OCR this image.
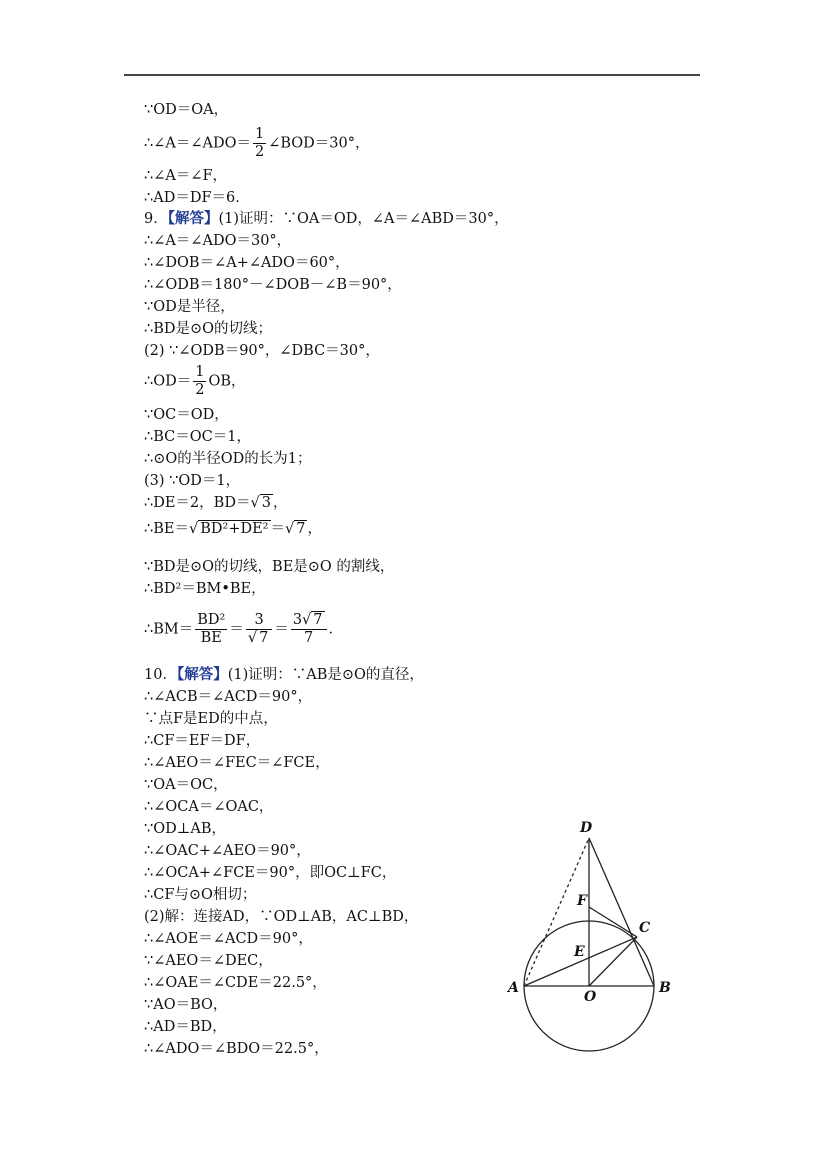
∵OD＝OA，
∴∠A＝∠ADO＝ $\frac{1}{2}$ ∠BOD＝30°，
∴∠A＝∠F，
∴AD＝DF＝6．
9．【解答】(1)证明：∵OA＝OD，∠A＝∠ABD＝30°，
∴∠A＝∠ADO＝30°，
∴∠DOB＝∠A+∠ADO＝60°，
∴∠ODB＝180°－∠DOB－∠B＝90°，
∵OD是半径，
∴BD是⊙O的切线；
(2) ∵∠ODB＝90°，∠DBC＝30°，
∴OD＝ $\frac{1}{2}$ OB，
∵OC＝OD，
∴BC＝OC＝1，
∴⊙O的半径OD的长为1；
(3) ∵OD＝1，
∴DE＝2，BD＝√ 3 ，
∴BE＝√ BD²+DE² ＝√ 7 ，
∵BD是⊙O的切线，BE是⊙O 的割线，
∴BD²＝BM•BE，
∴BM＝ $\frac{\text{BD²}}{BE} = \frac{3}{√ 7} = \frac{3√ 7}{7}$ ．
10．【解答】(1)证明：∵AB是⊙O的直径，
∴∠ACB＝∠ACD＝90°，
∵点F是ED的中点，
∴CF＝EF＝DF，
∴∠AEO＝∠FEC＝∠FCE，
∵OA＝OC，
∴∠OCA＝∠OAC，
∵OD⊥AB，
∴∠OAC+∠AEO＝90°，
∴∠OCA+∠FCE＝90°，即OC⊥FC，
∴CF与⊙O相切；
(2)解：连接AD，∵OD⊥AB，AC⊥BD，
∴∠AOE＝∠ACD＝90°，
∵∠AEO＝∠DEC，
∴∠OAE＝∠CDE＝22.5°，
∵AO＝BO，
∴AD＝BD，
∴∠ADO＝∠BDO＝22.5°，
D
F
C
E
A
O
B
